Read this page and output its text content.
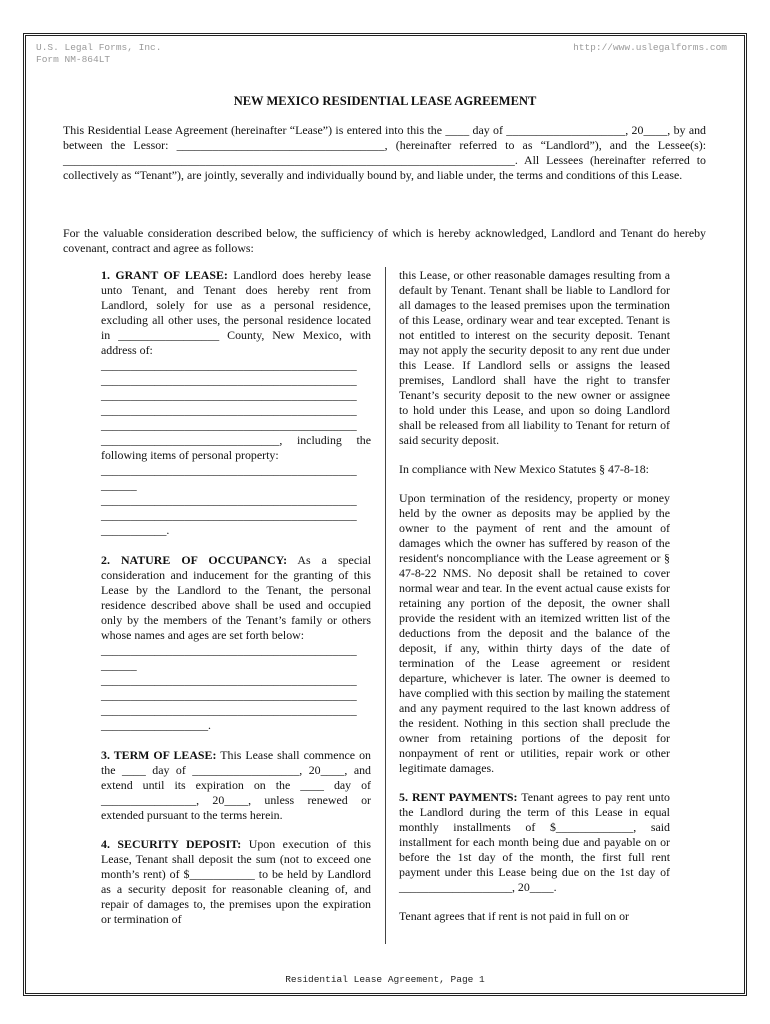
U.S. Legal Forms, Inc.
Form NM-864LT
http://www.uslegalforms.com
NEW MEXICO RESIDENTIAL LEASE AGREEMENT

This Residential Lease Agreement (hereinafter “Lease”) is entered into this the ____ day of ____________________, 20____, by and between the Lessor: ___________________________________, (hereinafter referred to as “Landlord”), and the Lessee(s): ____________________________________________________________________________. All Lessees (hereinafter referred to collectively as “Tenant”), are jointly, severally and individually bound by, and liable under, the terms and conditions of this Lease.

For the valuable consideration described below, the sufficiency of which is hereby acknowledged, Landlord and Tenant do hereby covenant, contract and agree as follows:

1. GRANT OF LEASE: Landlord does hereby lease unto Tenant, and Tenant does hereby rent from Landlord, solely for use as a personal residence, excluding all other uses, the personal residence located in _________________ County, New Mexico, with address of:

___________________________________________
___________________________________________
___________________________________________
___________________________________________
___________________________________________

______________________________, including the following items of personal property:

___________________________________________
______
___________________________________________
___________________________________________
___________.

2. NATURE OF OCCUPANCY: As a special consideration and inducement for the granting of this Lease by the Landlord to the Tenant, the personal residence described above shall be used and occupied only by the members of the Tenant’s family or others whose names and ages are set forth below:

___________________________________________
______
___________________________________________
___________________________________________
___________________________________________
__________________.

3. TERM OF LEASE: This Lease shall commence on the ____ day of __________________, 20____, and extend until its expiration on the ____ day of ________________, 20____, unless renewed or extended pursuant to the terms herein.

4. SECURITY DEPOSIT: Upon execution of this Lease, Tenant shall deposit the sum (not to exceed one month’s rent) of $___________ to be held by Landlord as a security deposit for reasonable cleaning of, and repair of damages to, the premises upon the expiration or termination of

this Lease, or other reasonable damages resulting from a default by Tenant. Tenant shall be liable to Landlord for all damages to the leased premises upon the termination of this Lease, ordinary wear and tear excepted. Tenant is not entitled to interest on the security deposit. Tenant may not apply the security deposit to any rent due under this Lease. If Landlord sells or assigns the leased premises, Landlord shall have the right to transfer Tenant’s security deposit to the new owner or assignee to hold under this Lease, and upon so doing Landlord shall be released from all liability to Tenant for return of said security deposit.

In compliance with New Mexico Statutes § 47-8-18:

Upon termination of the residency, property or money held by the owner as deposits may be applied by the owner to the payment of rent and the amount of damages which the owner has suffered by reason of the resident's noncompliance with the Lease agreement or § 47-8-22 NMS. No deposit shall be retained to cover normal wear and tear. In the event actual cause exists for retaining any portion of the deposit, the owner shall provide the resident with an itemized written list of the deductions from the deposit and the balance of the deposit, if any, within thirty days of the date of termination of the Lease agreement or resident departure, whichever is later. The owner is deemed to have complied with this section by mailing the statement and any payment required to the last known address of the resident. Nothing in this section shall preclude the owner from retaining portions of the deposit for nonpayment of rent or utilities, repair work or other legitimate damages.

5. RENT PAYMENTS: Tenant agrees to pay rent unto the Landlord during the term of this Lease in equal monthly installments of $_____________, said installment for each month being due and payable on or before the 1st day of the month, the first full rent payment under this Lease being due on the 1st day of ___________________, 20____.

Tenant agrees that if rent is not paid in full on or

Residential Lease Agreement, Page 1
